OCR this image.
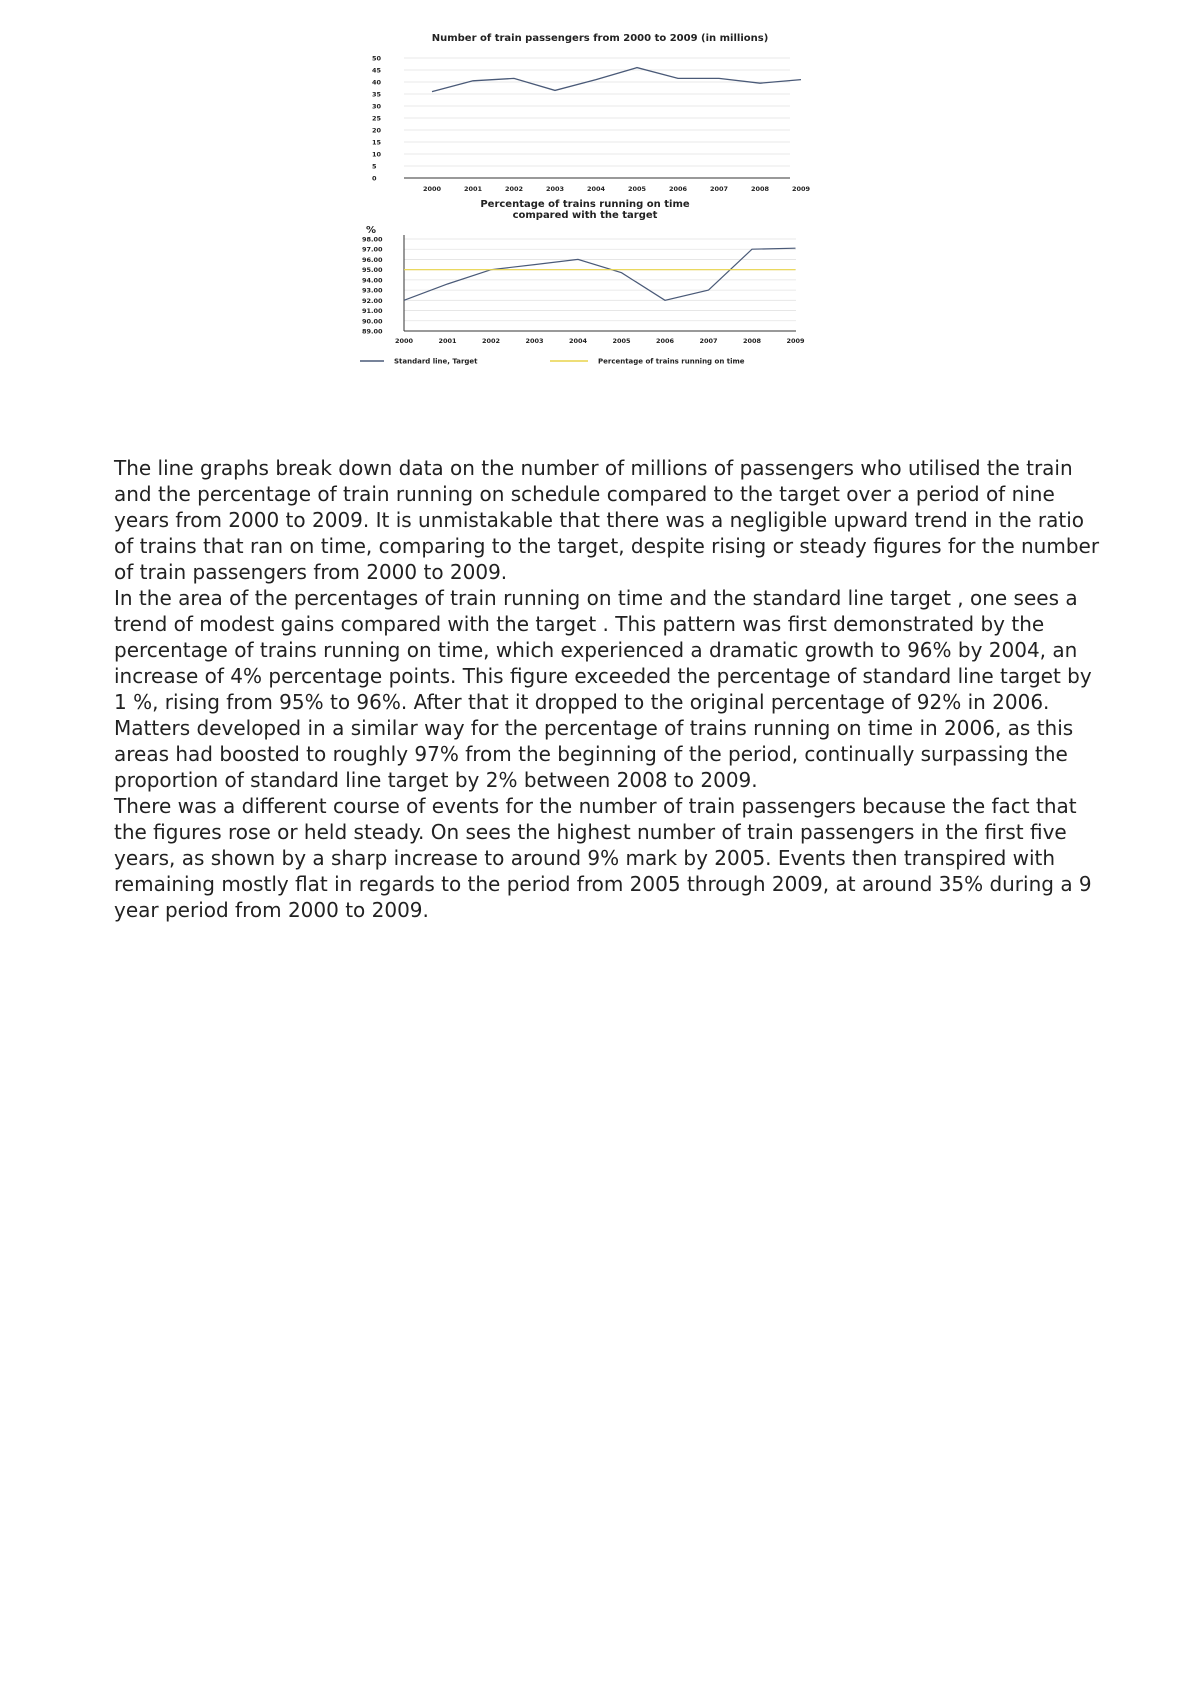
Number of train passengers from 2000 to 2009 (in millions)
0
5
10
15
20
25
30
35
40
45
50
2000	2001	2002	2003	2004	2005	2006	2007	2008	2009
Percentage of trains running on time
compared with the target
%
89.00
90.00
91.00
92.00
93.00
94.00
95.00
96.00
97.00
98.00
2000	2001	2002	2003	2004	2005	2006	2007	2008	2009
Standard line, Target	Percentage of trains running on time

The line graphs break down data on the number of millions of passengers who utilised the train and the percentage of train running on schedule compared to the target over a period of nine years from 2000 to 2009. It is unmistakable that there was a negligible upward trend in the ratio of trains that ran on time, comparing to the target, despite rising or steady figures for the number of train passengers from 2000 to 2009.

In the area of the percentages of train running on time and the standard line target , one sees a trend of modest gains compared with the target . This pattern was first demonstrated by the percentage of trains running on time, which experienced a dramatic growth to 96% by 2004, an increase of 4% percentage points. This figure exceeded the percentage of standard line target by 1 %, rising from 95% to 96%. After that it dropped to the original percentage of 92% in 2006. Matters developed in a similar way for the percentage of trains running on time in 2006, as this areas had boosted to roughly 97% from the beginning of the period, continually surpassing the proportion of standard line target by 2% between 2008 to 2009.

There was a different course of events for the number of train passengers because the fact that the figures rose or held steady. On sees the highest number of train passengers in the first five years, as shown by a sharp increase to around 9% mark by 2005. Events then transpired with remaining mostly flat in regards to the period from 2005 through 2009, at around 35% during a 9 year period from 2000 to 2009.
